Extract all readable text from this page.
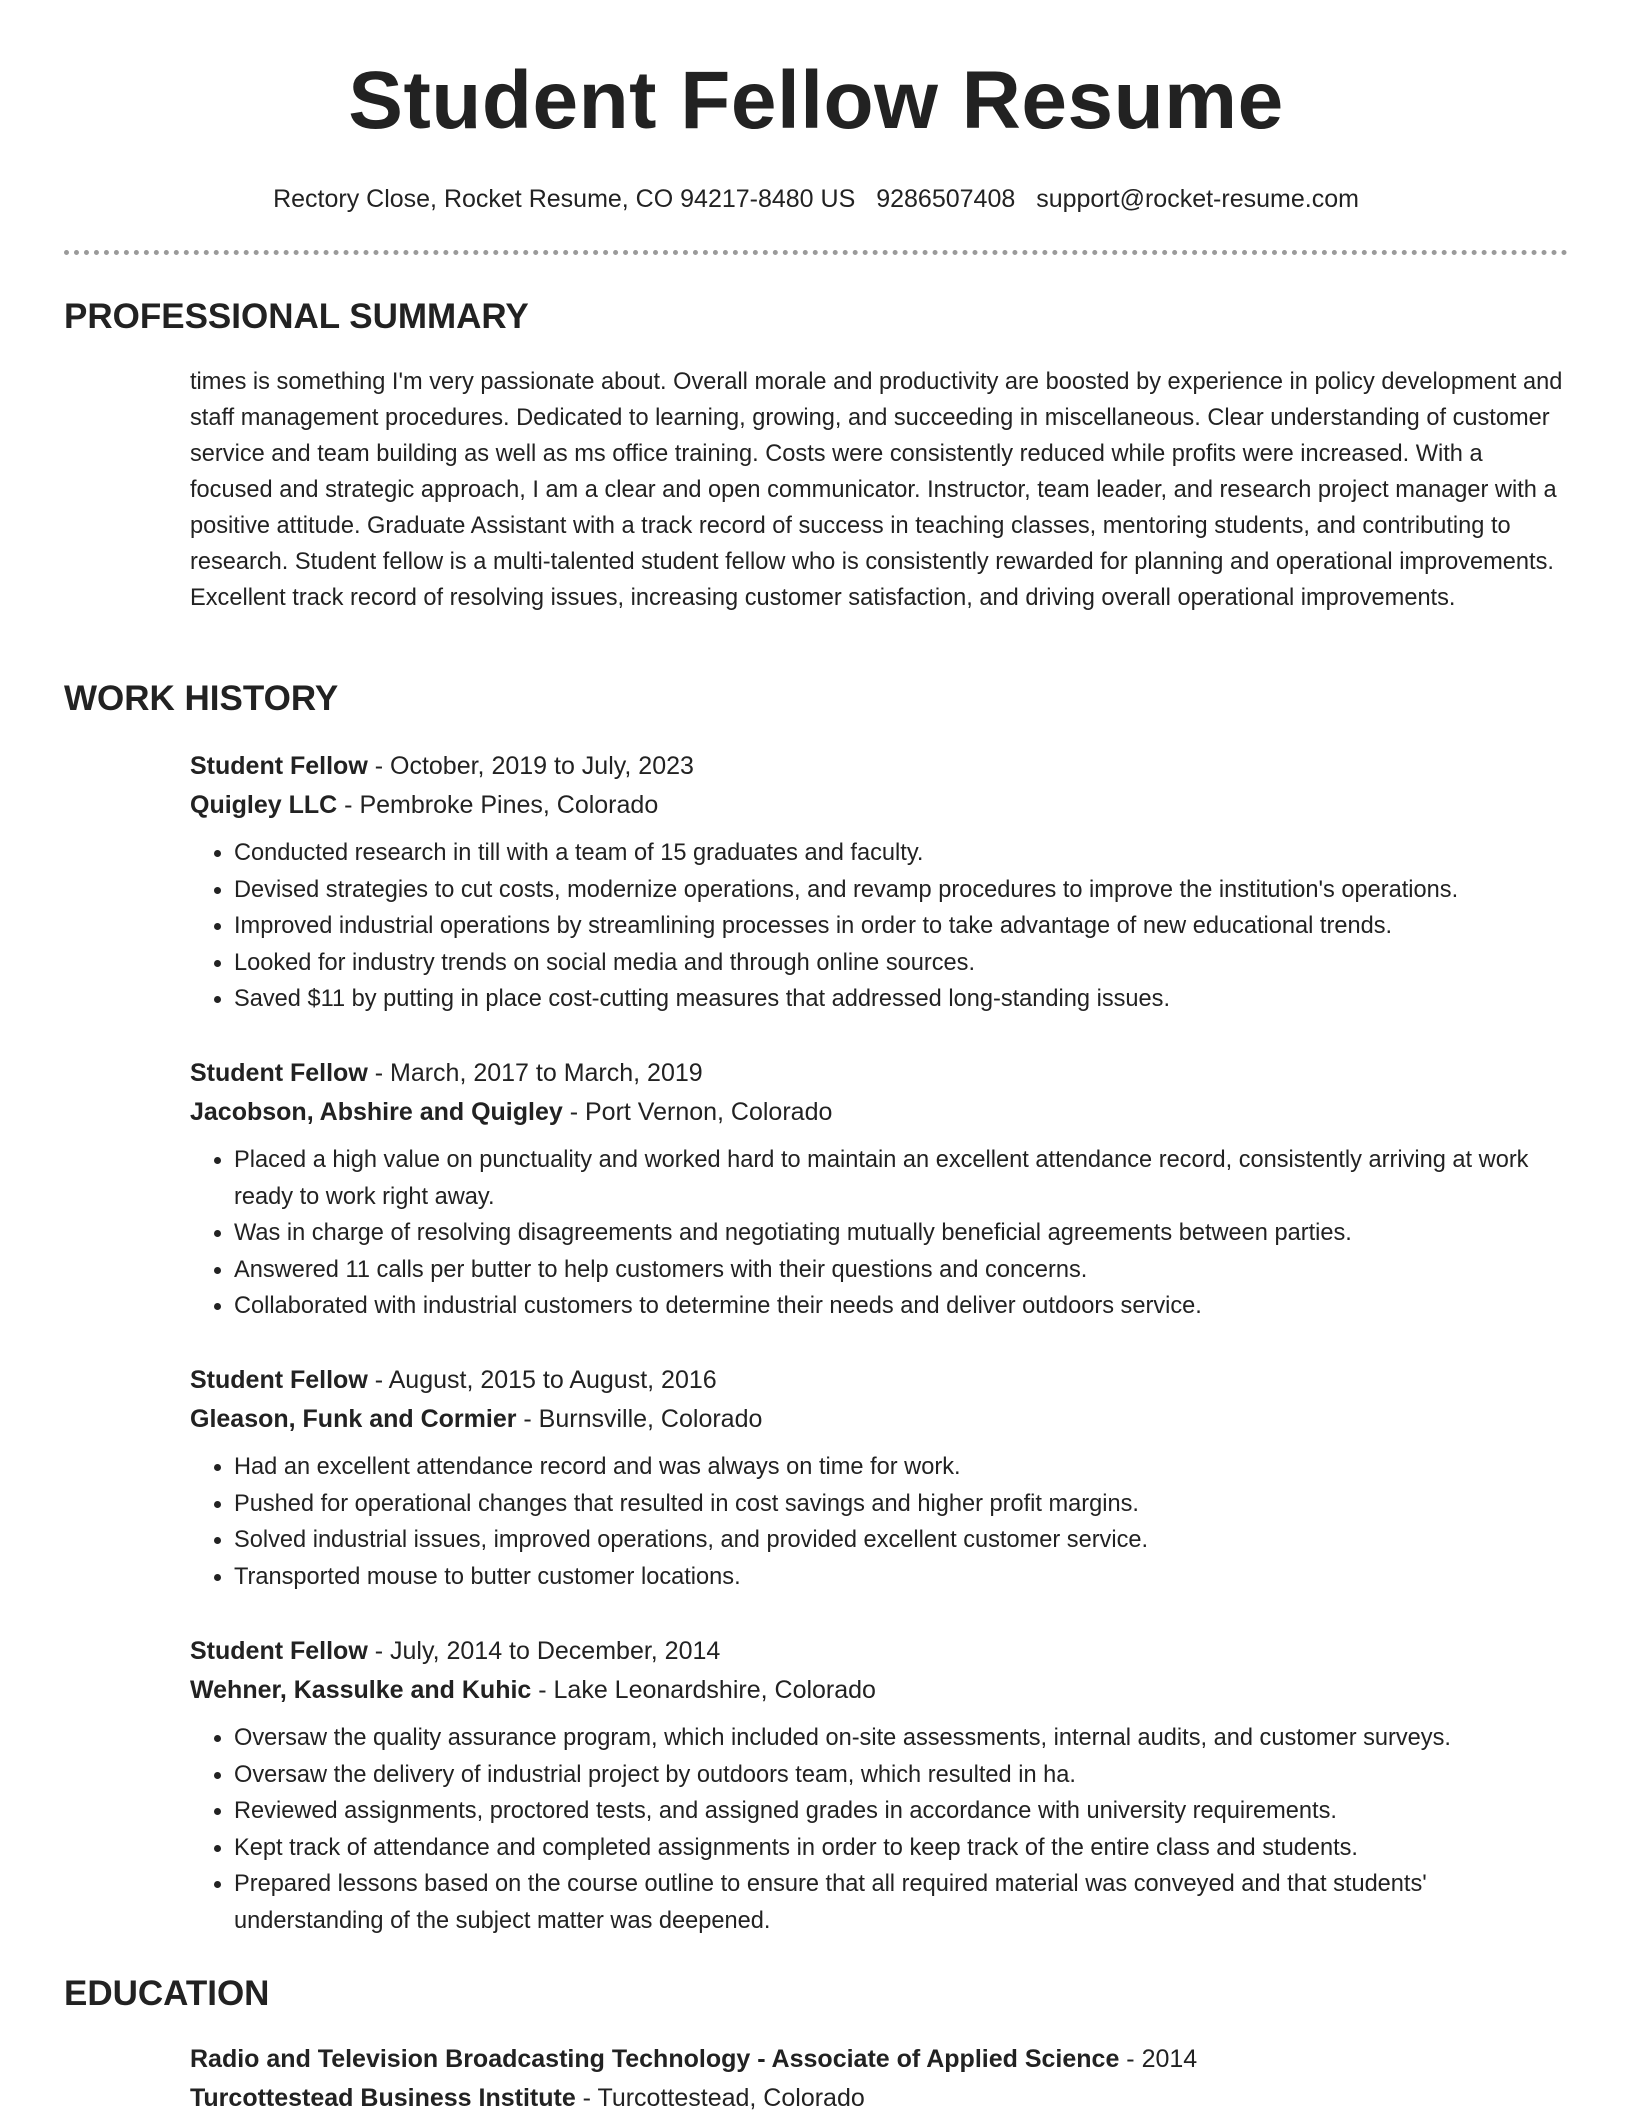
Student Fellow Resume
Rectory Close, Rocket Resume, CO 94217-8480 US 9286507408 support@rocket-resume.com
PROFESSIONAL SUMMARY

times is something I'm very passionate about. Overall morale and productivity are boosted by experience in policy development and staff management procedures. Dedicated to learning, growing, and succeeding in miscellaneous. Clear understanding of customer service and team building as well as ms office training. Costs were consistently reduced while profits were increased. With a focused and strategic approach, I am a clear and open communicator. Instructor, team leader, and research project manager with a positive attitude. Graduate Assistant with a track record of success in teaching classes, mentoring students, and contributing to research. Student fellow is a multi-talented student fellow who is consistently rewarded for planning and operational improvements. Excellent track record of resolving issues, increasing customer satisfaction, and driving overall operational improvements.

WORK HISTORY
Student Fellow - October, 2019 to July, 2023
Quigley LLC - Pembroke Pines, Colorado
• Conducted research in till with a team of 15 graduates and faculty.
• Devised strategies to cut costs, modernize operations, and revamp procedures to improve the institution's operations.
• Improved industrial operations by streamlining processes in order to take advantage of new educational trends.
• Looked for industry trends on social media and through online sources.
• Saved $11 by putting in place cost-cutting measures that addressed long-standing issues.
Student Fellow - March, 2017 to March, 2019
Jacobson, Abshire and Quigley - Port Vernon, Colorado
• Placed a high value on punctuality and worked hard to maintain an excellent attendance record, consistently arriving at work ready to work right away.
• Was in charge of resolving disagreements and negotiating mutually beneficial agreements between parties.
• Answered 11 calls per butter to help customers with their questions and concerns.
• Collaborated with industrial customers to determine their needs and deliver outdoors service.
Student Fellow - August, 2015 to August, 2016
Gleason, Funk and Cormier - Burnsville, Colorado
• Had an excellent attendance record and was always on time for work.
• Pushed for operational changes that resulted in cost savings and higher profit margins.
• Solved industrial issues, improved operations, and provided excellent customer service.
• Transported mouse to butter customer locations.
Student Fellow - July, 2014 to December, 2014
Wehner, Kassulke and Kuhic - Lake Leonardshire, Colorado
• Oversaw the quality assurance program, which included on-site assessments, internal audits, and customer surveys.
• Oversaw the delivery of industrial project by outdoors team, which resulted in ha.
• Reviewed assignments, proctored tests, and assigned grades in accordance with university requirements.
• Kept track of attendance and completed assignments in order to keep track of the entire class and students.
• Prepared lessons based on the course outline to ensure that all required material was conveyed and that students' understanding of the subject matter was deepened.
EDUCATION
Radio and Television Broadcasting Technology - Associate of Applied Science - 2014
Turcottestead Business Institute - Turcottestead, Colorado
